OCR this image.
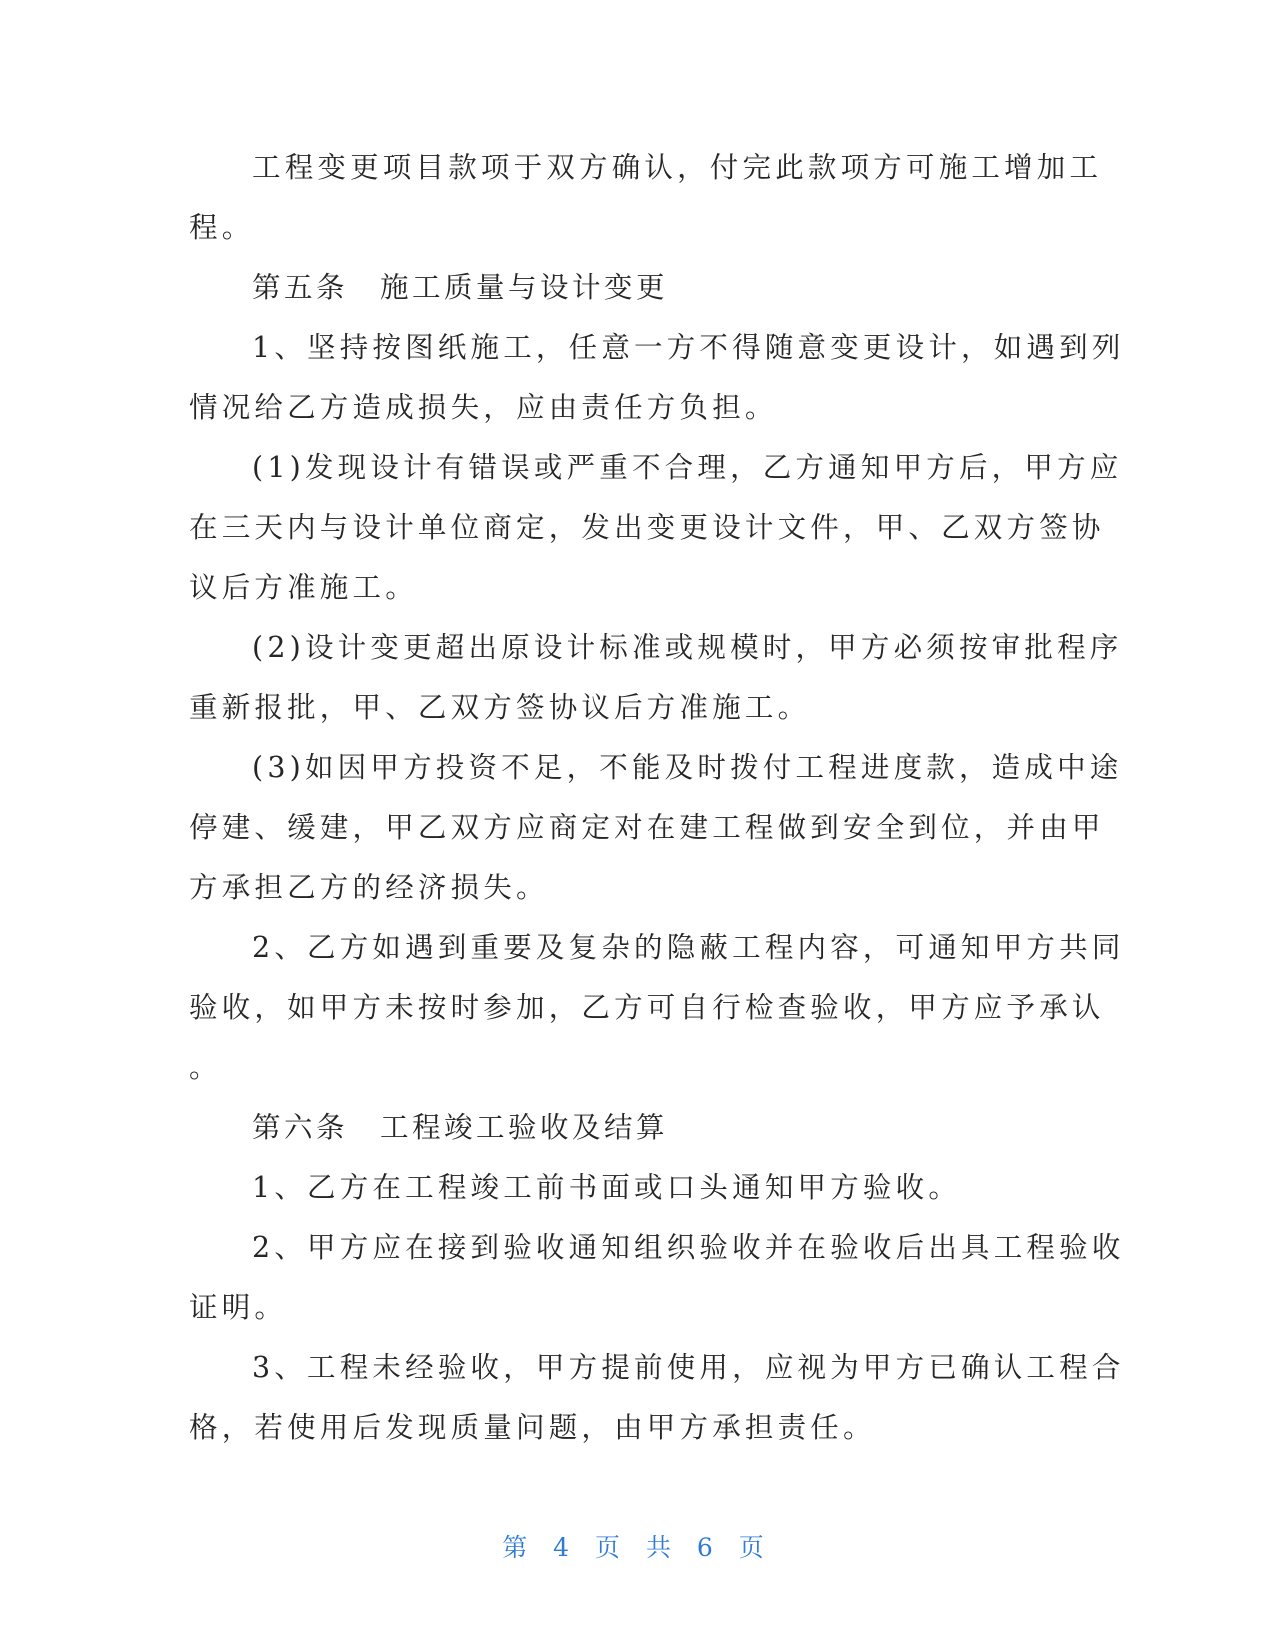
工程变更项目款项于双方确认，付完此款项方可施工增加工
程。
第五条　施工质量与设计变更
1、坚持按图纸施工，任意一方不得随意变更设计，如遇到列
情况给乙方造成损失，应由责任方负担。
(1)发现设计有错误或严重不合理，乙方通知甲方后，甲方应
在三天内与设计单位商定，发出变更设计文件，甲、乙双方签协
议后方准施工。
(2)设计变更超出原设计标准或规模时，甲方必须按审批程序
重新报批，甲、乙双方签协议后方准施工。
(3)如因甲方投资不足，不能及时拨付工程进度款，造成中途
停建、缓建，甲乙双方应商定对在建工程做到安全到位，并由甲
方承担乙方的经济损失。
2、乙方如遇到重要及复杂的隐蔽工程内容，可通知甲方共同
验收，如甲方未按时参加，乙方可自行检查验收，甲方应予承认
。
第六条　工程竣工验收及结算
1、乙方在工程竣工前书面或口头通知甲方验收。
2、甲方应在接到验收通知组织验收并在验收后出具工程验收
证明。
3、工程未经验收，甲方提前使用，应视为甲方已确认工程合
格，若使用后发现质量问题，由甲方承担责任。
第 4 页 共 6 页
